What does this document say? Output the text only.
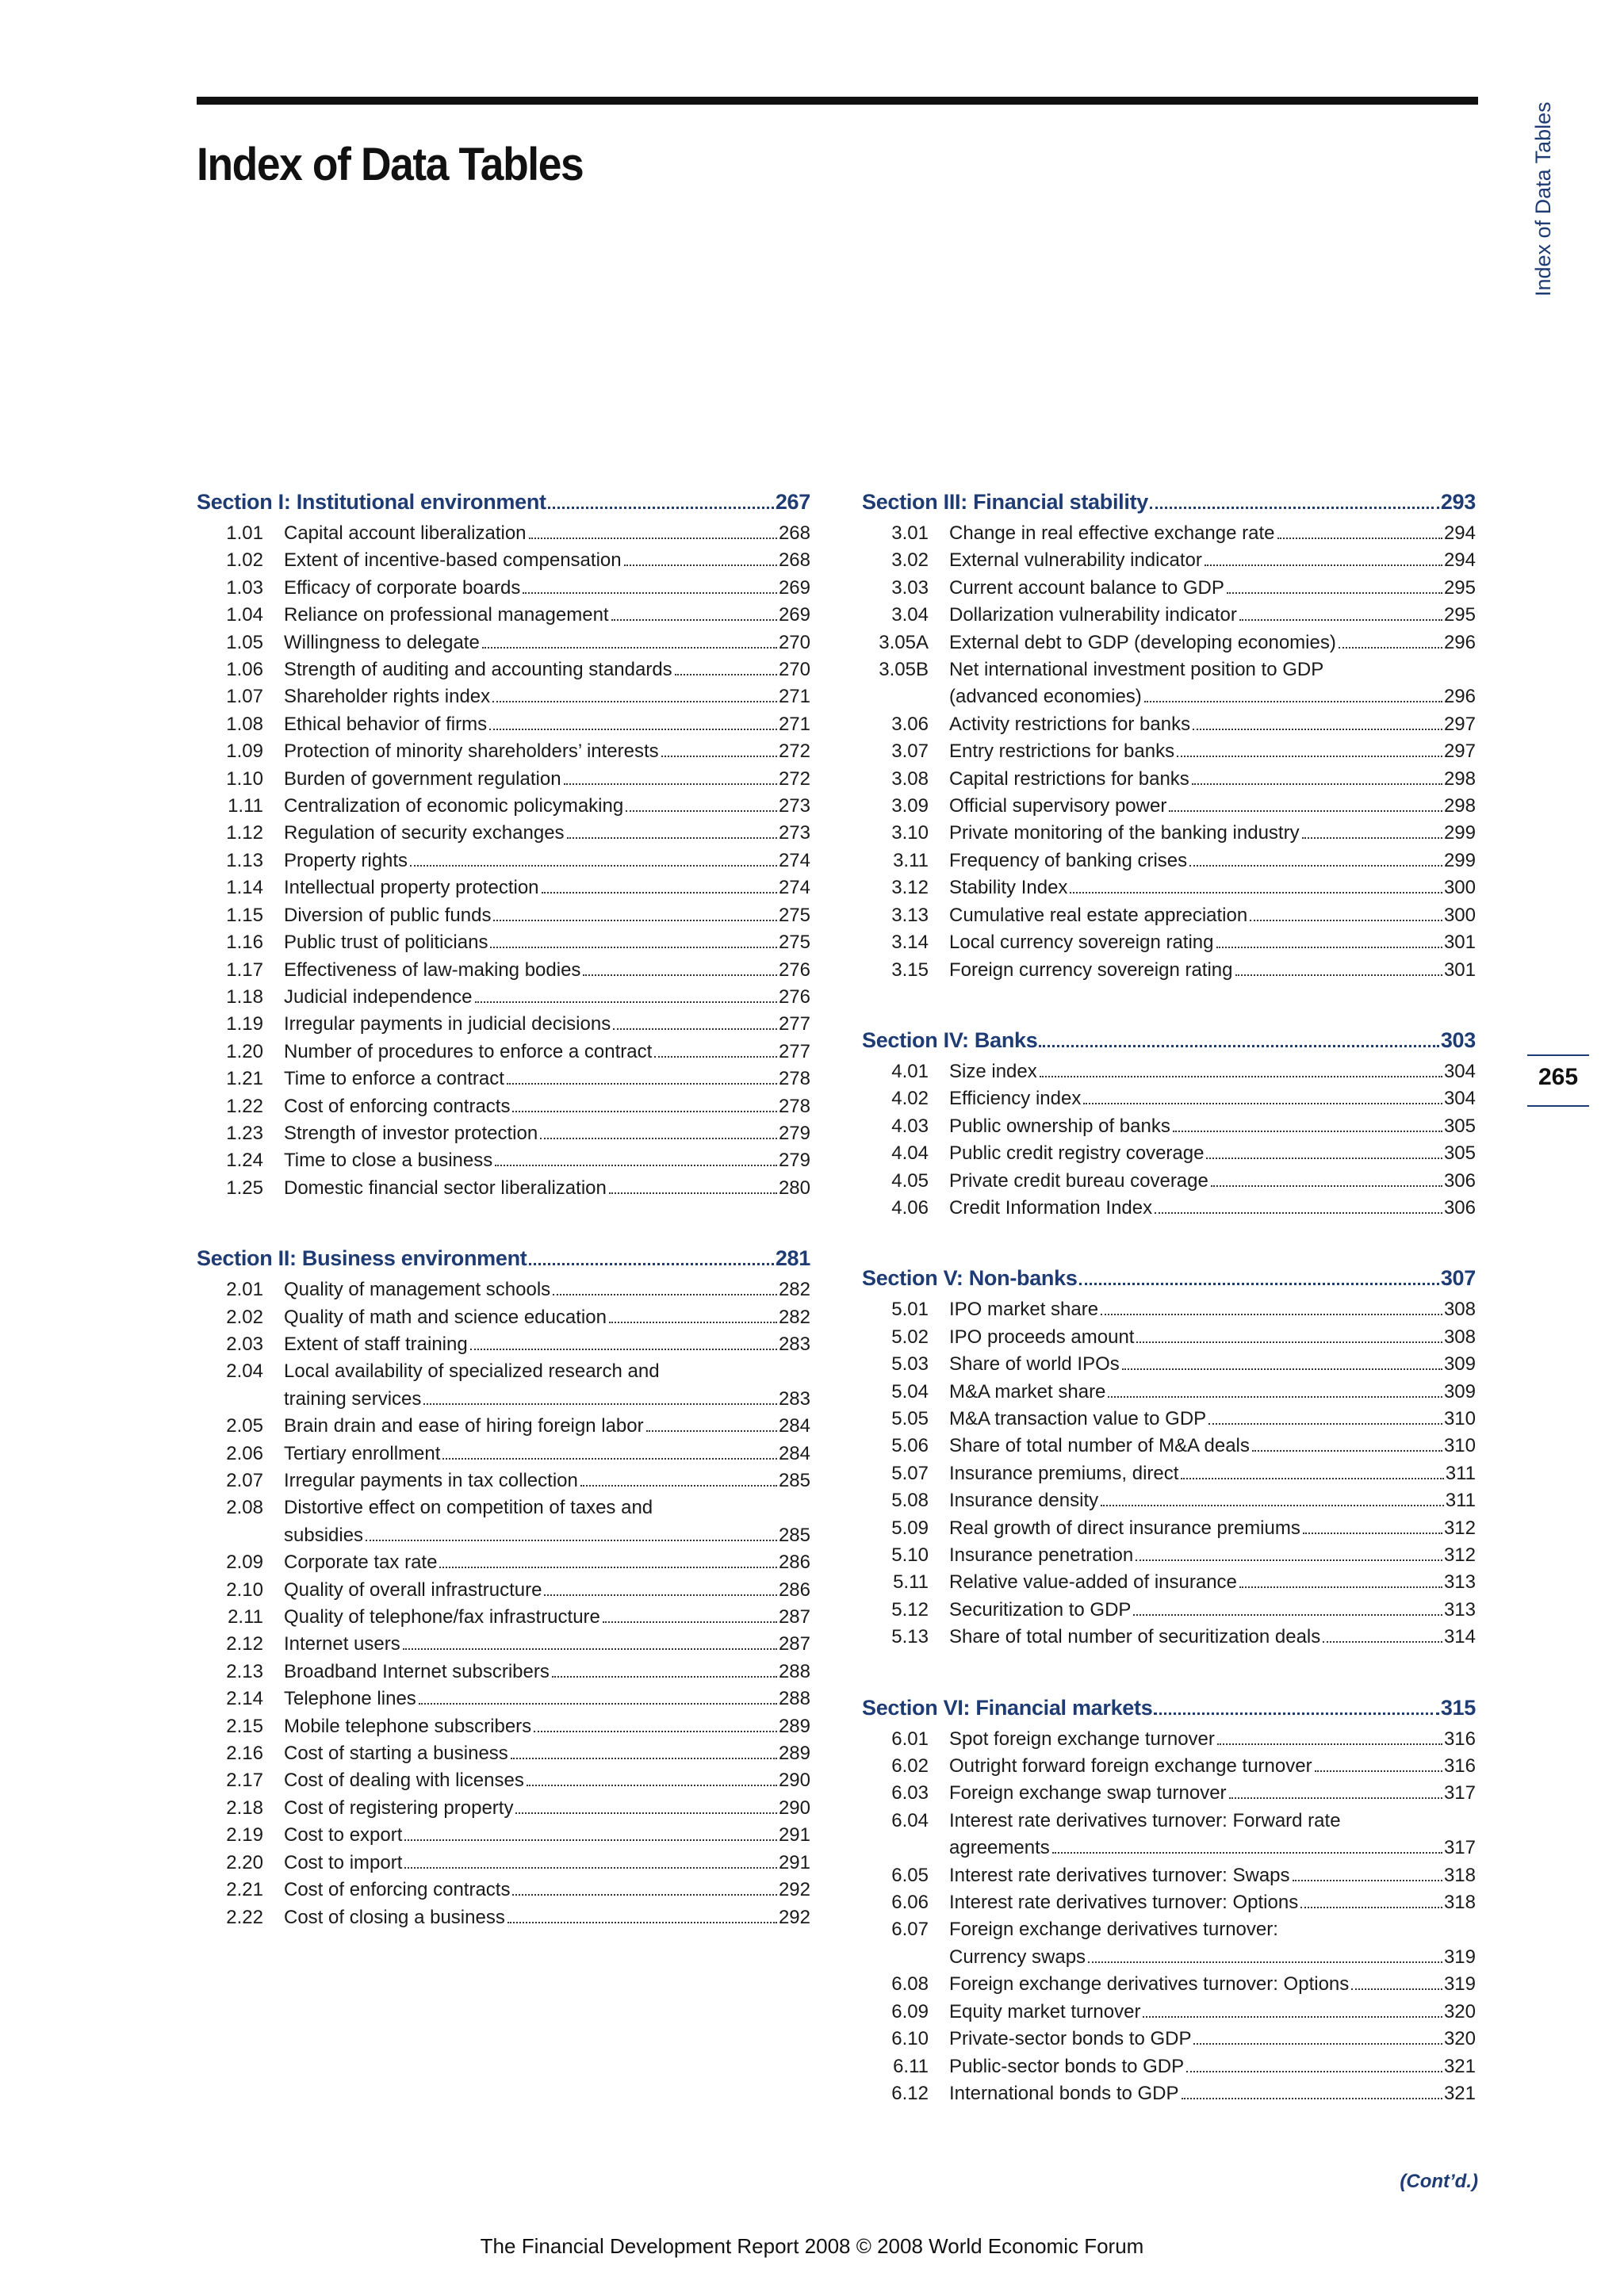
Index of Data Tables	Index of Data Tables
265
Section I: Institutional environment	267
1.01	Capital account liberalization	268
1.02	Extent of incentive-based compensation	268
1.03	Efficacy of corporate boards	269
1.04	Reliance on professional management	269
1.05	Willingness to delegate	270
1.06	Strength of auditing and accounting standards	270
1.07	Shareholder rights index	271
1.08	Ethical behavior of firms	271
1.09	Protection of minority shareholders’ interests	272
1.10	Burden of government regulation	272
1.11	Centralization of economic policymaking	273
1.12	Regulation of security exchanges	273
1.13	Property rights	274
1.14	Intellectual property protection	274
1.15	Diversion of public funds	275
1.16	Public trust of politicians	275
1.17	Effectiveness of law-making bodies	276
1.18	Judicial independence	276
1.19	Irregular payments in judicial decisions	277
1.20	Number of procedures to enforce a contract	277
1.21	Time to enforce a contract	278
1.22	Cost of enforcing contracts	278
1.23	Strength of investor protection	279
1.24	Time to close a business	279
1.25	Domestic financial sector liberalization	280
Section II: Business environment	281
2.01	Quality of management schools	282
2.02	Quality of math and science education	282
2.03	Extent of staff training	283
2.04	Local availability of specialized research and
training services	283
2.05	Brain drain and ease of hiring foreign labor	284
2.06	Tertiary enrollment	284
2.07	Irregular payments in tax collection	285
2.08	Distortive effect on competition of taxes and
subsidies	285
2.09	Corporate tax rate	286
2.10	Quality of overall infrastructure	286
2.11	Quality of telephone/fax infrastructure	287
2.12	Internet users	287
2.13	Broadband Internet subscribers	288
2.14	Telephone lines	288
2.15	Mobile telephone subscribers	289
2.16	Cost of starting a business	289
2.17	Cost of dealing with licenses	290
2.18	Cost of registering property	290
2.19	Cost to export	291
2.20	Cost to import	291
2.21	Cost of enforcing contracts	292
2.22	Cost of closing a business	292
Section III: Financial stability	293
3.01	Change in real effective exchange rate	294
3.02	External vulnerability indicator	294
3.03	Current account balance to GDP	295
3.04	Dollarization vulnerability indicator	295
3.05A	External debt to GDP (developing economies)	296
3.05B	Net international investment position to GDP
(advanced economies)	296
3.06	Activity restrictions for banks	297
3.07	Entry restrictions for banks	297
3.08	Capital restrictions for banks	298
3.09	Official supervisory power	298
3.10	Private monitoring of the banking industry	299
3.11	Frequency of banking crises	299
3.12	Stability Index	300
3.13	Cumulative real estate appreciation	300
3.14	Local currency sovereign rating	301
3.15	Foreign currency sovereign rating	301
Section IV: Banks	303
4.01	Size index	304
4.02	Efficiency index	304
4.03	Public ownership of banks	305
4.04	Public credit registry coverage	305
4.05	Private credit bureau coverage	306
4.06	Credit Information Index	306
Section V: Non-banks	307
5.01	IPO market share	308
5.02	IPO proceeds amount	308
5.03	Share of world IPOs	309
5.04	M&A market share	309
5.05	M&A transaction value to GDP	310
5.06	Share of total number of M&A deals	310
5.07	Insurance premiums, direct	311
5.08	Insurance density	311
5.09	Real growth of direct insurance premiums	312
5.10	Insurance penetration	312
5.11	Relative value-added of insurance	313
5.12	Securitization to GDP	313
5.13	Share of total number of securitization deals	314
Section VI: Financial markets	315
6.01	Spot foreign exchange turnover	316
6.02	Outright forward foreign exchange turnover	316
6.03	Foreign exchange swap turnover	317
6.04	Interest rate derivatives turnover: Forward rate
agreements	317
6.05	Interest rate derivatives turnover: Swaps	318
6.06	Interest rate derivatives turnover: Options	318
6.07	Foreign exchange derivatives turnover:
Currency swaps	319
6.08	Foreign exchange derivatives turnover: Options	319
6.09	Equity market turnover	320
6.10	Private-sector bonds to GDP	320
6.11	Public-sector bonds to GDP	321
6.12	International bonds to GDP	321
(Cont’d.)
The Financial Development Report 2008 © 2008 World Economic Forum
